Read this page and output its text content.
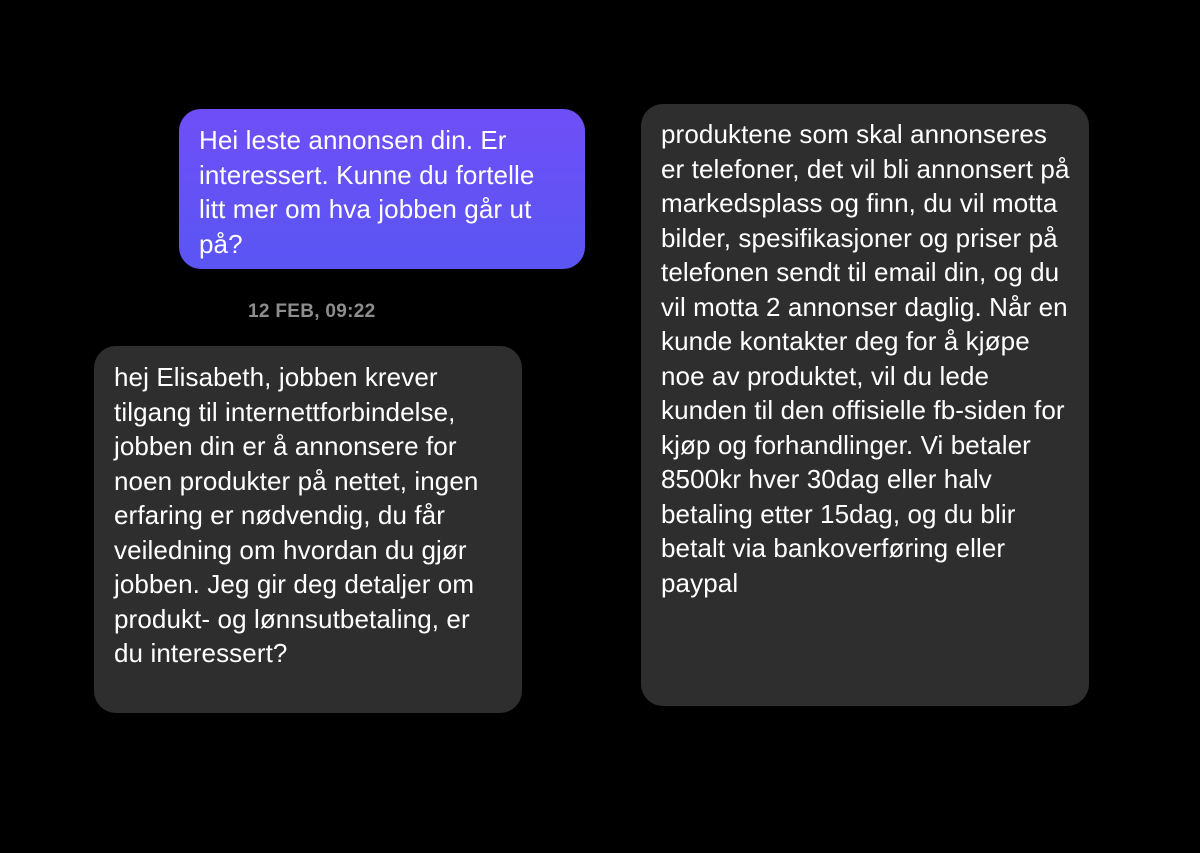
Hei leste annonsen din. Er interessert. Kunne du fortelle litt mer om hva jobben går ut på?
12 FEB, 09:22
hej Elisabeth, jobben krever tilgang til internettforbindelse, jobben din er å annonsere for noen produkter på nettet, ingen erfaring er nødvendig, du får veiledning om hvordan du gjør jobben. Jeg gir deg detaljer om produkt- og lønnsutbetaling, er du interessert?
produktene som skal annonseres er telefoner, det vil bli annonsert på markedsplass og finn, du vil motta bilder, spesifikasjoner og priser på telefonen sendt til email din, og du vil motta 2 annonser daglig. Når en kunde kontakter deg for å kjøpe noe av produktet, vil du lede kunden til den offisielle fb-siden for kjøp og forhandlinger. Vi betaler 8500kr hver 30dag eller halv betaling etter 15dag, og du blir betalt via bankoverføring eller paypal
